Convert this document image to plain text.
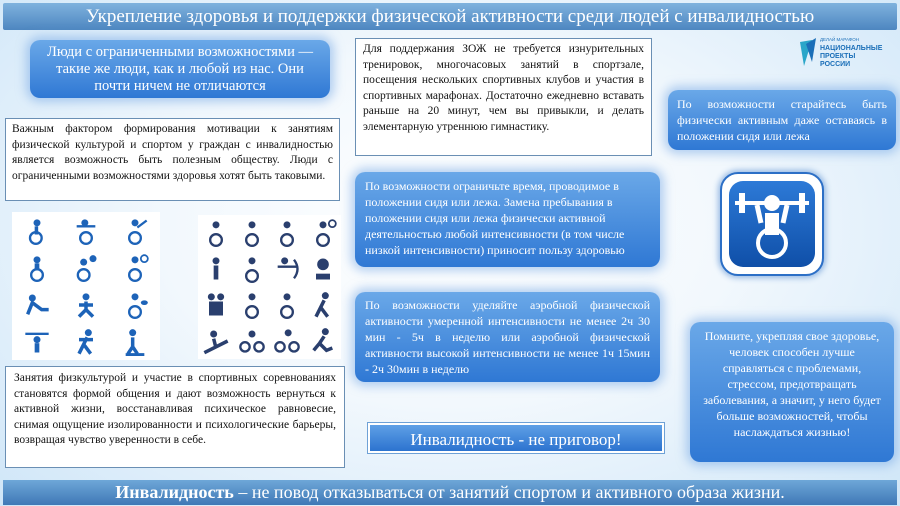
Укрепление здоровья и поддержки физической активности среди людей с инвалидностью
ДЕЛАЙ МАРАФОН
НАЦИОНАЛЬНЫЕ
ПРОЕКТЫ
РОССИИ
Люди с ограниченными возможностями — такие же люди, как и любой из нас. Они почти ничем не отличаются
Важным фактором формирования мотивации к занятиям физической культурой и спортом у граждан с инвалидностью является возможность быть полезным обществу. Люди с ограниченными возможностями здоровья хотят быть таковыми.
Для поддержания ЗОЖ не требуется изнурительных тренировок, многочасовых занятий в спортзале, посещения нескольких спортивных клубов и участия в спортивных марафонах. Достаточно ежедневно вставать раньше на 20 минут, чем вы привыкли, и делать элементарную утреннюю гимнастику.
По возможности старайтесь быть физически активным даже оставаясь в положении сидя или лежа
По возможности ограничьте время, проводимое в положении сидя или лежа. Замена пребывания в положении сидя или лежа физически активной деятельностью любой интенсивности (в том числе низкой интенсивности) приносит пользу здоровью
По возможности уделяйте аэробной физической активности умеренной интенсивности не менее 2ч 30 мин - 5ч в неделю или аэробной физической активности высокой интенсивности не менее 1ч 15мин - 2ч 30мин в неделю
Помните, укрепляя свое здоровье, человек способен лучше справляться с проблемами, стрессом, предотвращать заболевания, а значит, у него будет больше возможностей, чтобы наслаждаться жизнью!
Занятия физкультурой и участие в спортивных соревнованиях становятся формой общения и дают возможность вернуться к активной жизни, восстанавливая психическое равновесие, снимая ощущение изолированности и психологические барьеры, возвращая чувство уверенности в себе.	Инвалидность - не приговор!
Инвалидность – не повод отказываться от занятий спортом и активного образа жизни.
